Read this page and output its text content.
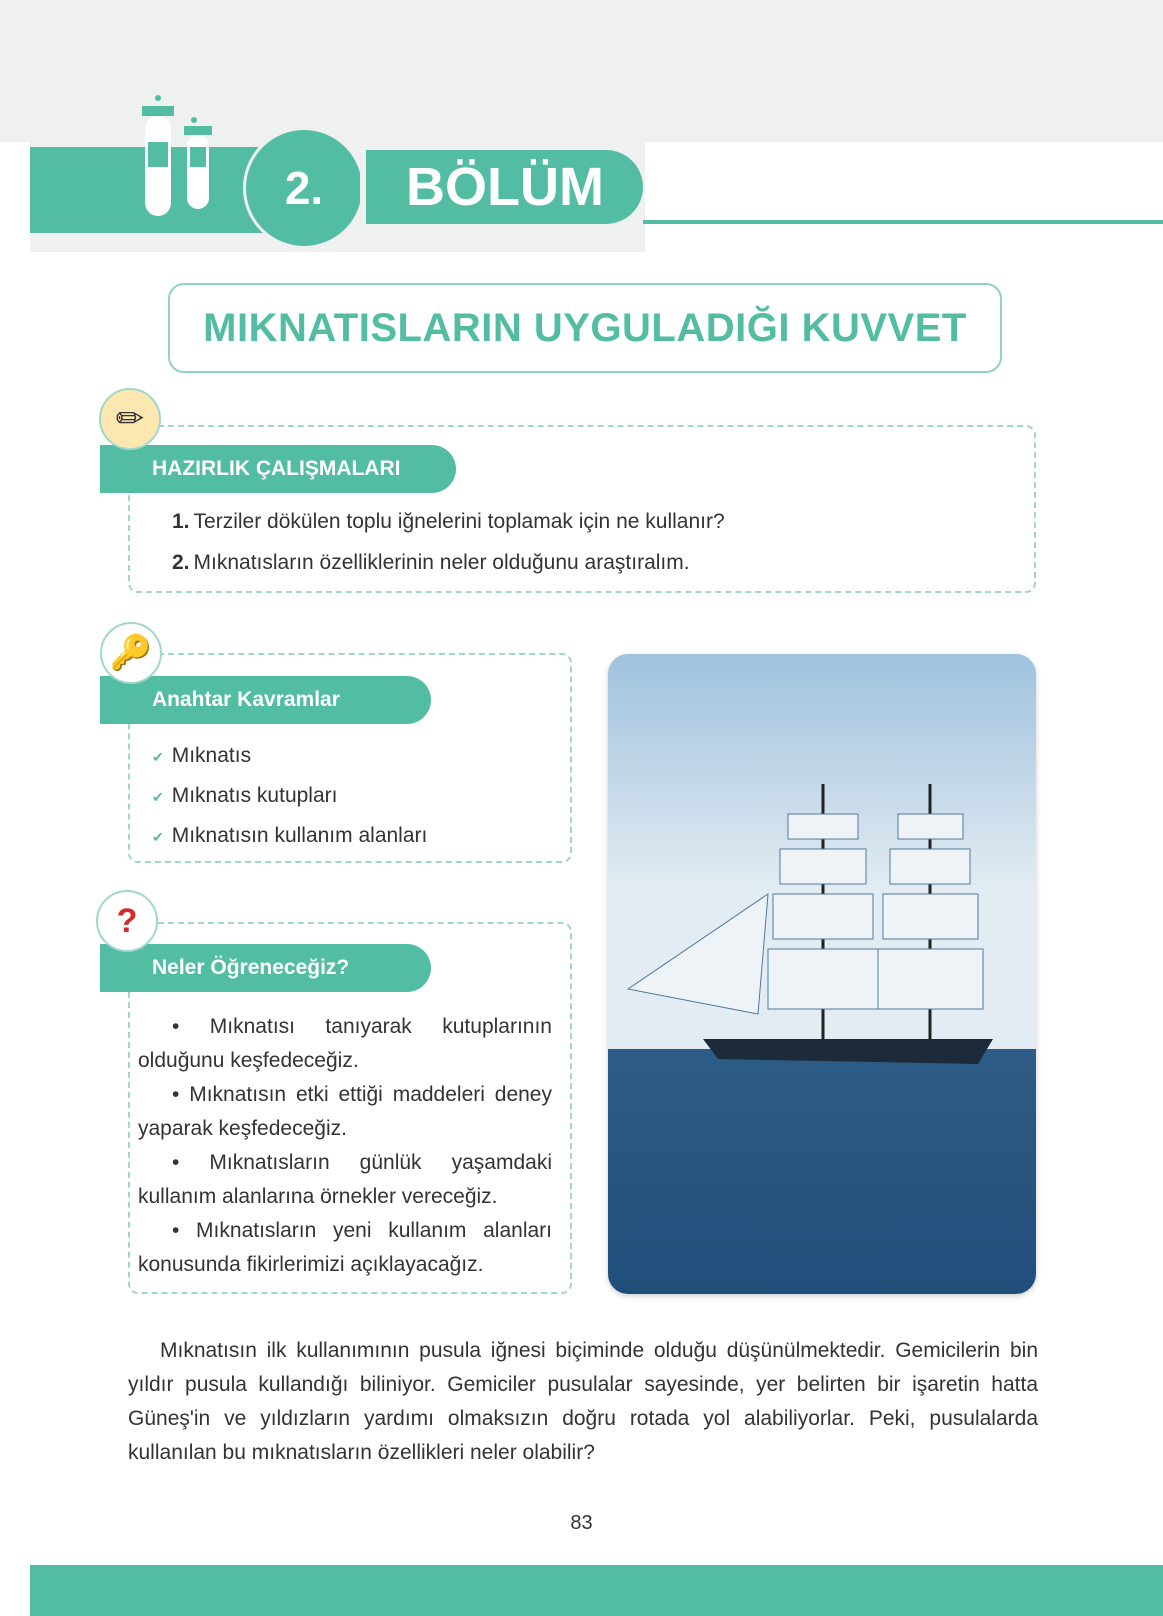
2.	BÖLÜM
MIKNATISLARIN UYGULADIĞI KUVVET
HAZIRLIK ÇALIŞMALARI
✏
1. Terziler dökülen toplu iğnelerini toplamak için ne kullanır?
2. Mıknatısların özelliklerinin neler olduğunu araştıralım.
Anahtar Kavramlar
🔑
✔ Mıknatıs
✔ Mıknatıs kutupları
✔ Mıknatısın kullanım alanları
Neler Öğreneceğiz?
?

• Mıknatısı tanıyarak kutuplarının olduğunu keşfedeceğiz.

• Mıknatısın etki ettiği maddeleri deney yaparak keşfedeceğiz.

• Mıknatısların günlük yaşamdaki kullanım alanlarına örnekler vereceğiz.

• Mıknatısların yeni kullanım alanları konusunda fikirlerimizi açıklayacağız.

Mıknatısın ilk kullanımının pusula iğnesi biçiminde olduğu düşünülmektedir. Gemicilerin bin yıldır pusula kullandığı biliniyor. Gemiciler pusulalar sayesinde, yer belirten bir işaretin hatta Güneş'in ve yıldızların yardımı olmaksızın doğru rotada yol alabiliyorlar. Peki, pusulalarda kullanılan bu mıknatısların özellikleri neler olabilir?

83
